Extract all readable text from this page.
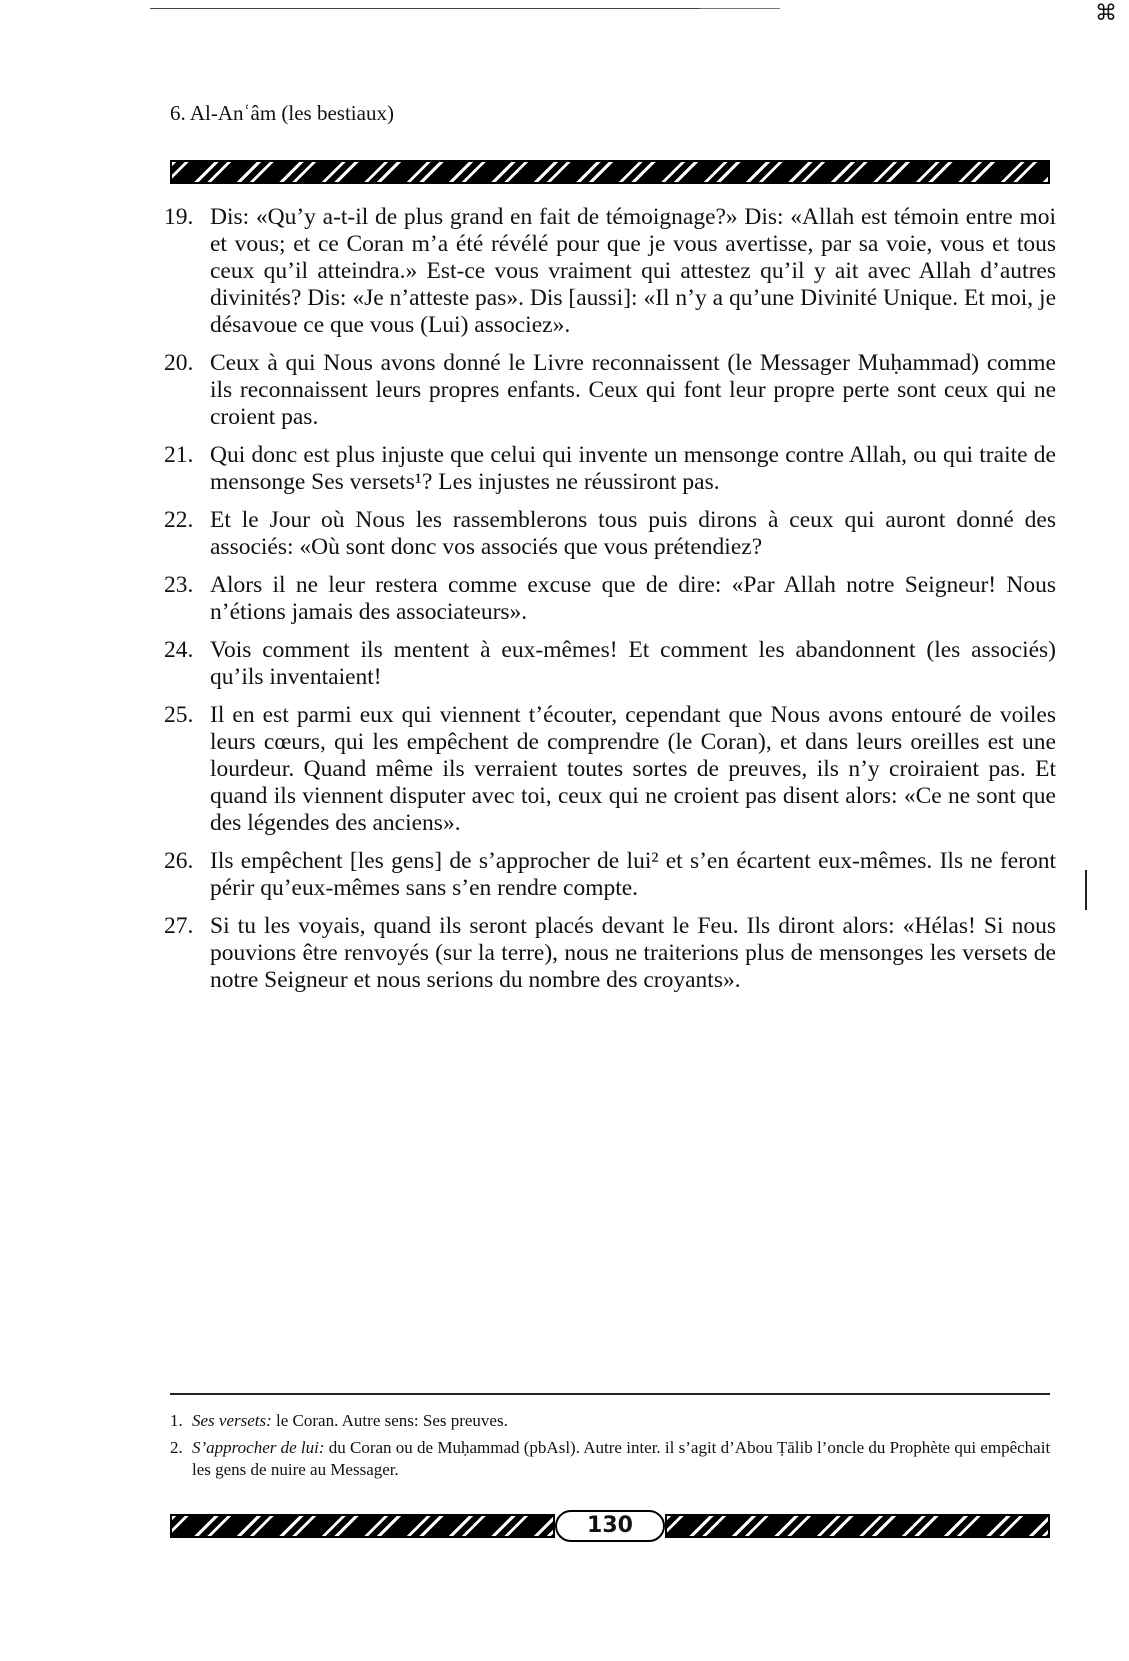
⌘
6. Al-Anʿâm (les bestiaux)
19. Dis: «Qu’y a-t-il de plus grand en fait de témoignage?» Dis: «Allah est témoin entre moi et vous; et ce Coran m’a été révélé pour que je vous avertisse, par sa voie, vous et tous ceux qu’il atteindra.» Est-ce vous vraiment qui attestez qu’il y ait avec Allah d’autres divinités? Dis: «Je n’atteste pas». Dis [aussi]: «Il n’y a qu’une Divinité Unique. Et moi, je désavoue ce que vous (Lui) associez».
20. Ceux à qui Nous avons donné le Livre reconnaissent (le Messager Muḥammad) comme ils reconnaissent leurs propres enfants. Ceux qui font leur propre perte sont ceux qui ne croient pas.
21. Qui donc est plus injuste que celui qui invente un mensonge contre Allah, ou qui traite de mensonge Ses versets¹? Les injustes ne réussiront pas.
22. Et le Jour où Nous les rassemblerons tous puis dirons à ceux qui auront donné des associés: «Où sont donc vos associés que vous prétendiez?
23. Alors il ne leur restera comme excuse que de dire: «Par Allah notre Seigneur! Nous n’étions jamais des associateurs».
24. Vois comment ils mentent à eux-mêmes! Et comment les abandonnent (les associés) qu’ils inventaient!
25. Il en est parmi eux qui viennent t’écouter, cependant que Nous avons entouré de voiles leurs cœurs, qui les empêchent de comprendre (le Coran), et dans leurs oreilles est une lourdeur. Quand même ils verraient toutes sortes de preuves, ils n’y croiraient pas. Et quand ils viennent disputer avec toi, ceux qui ne croient pas disent alors: «Ce ne sont que des légendes des anciens».
26. Ils empêchent [les gens] de s’approcher de lui² et s’en écartent eux-mêmes. Ils ne feront périr qu’eux-mêmes sans s’en rendre compte.
27. Si tu les voyais, quand ils seront placés devant le Feu. Ils diront alors: «Hélas! Si nous pouvions être renvoyés (sur la terre), nous ne traiterions plus de mensonges les versets de notre Seigneur et nous serions du nombre des croyants».
1. Ses versets: le Coran. Autre sens: Ses preuves.
2. S’approcher de lui: du Coran ou de Muḥammad (pbAsl). Autre inter. il s’agit d’Abou Ṭālib l’oncle du Prophète qui empêchait les gens de nuire au Messager.
130
